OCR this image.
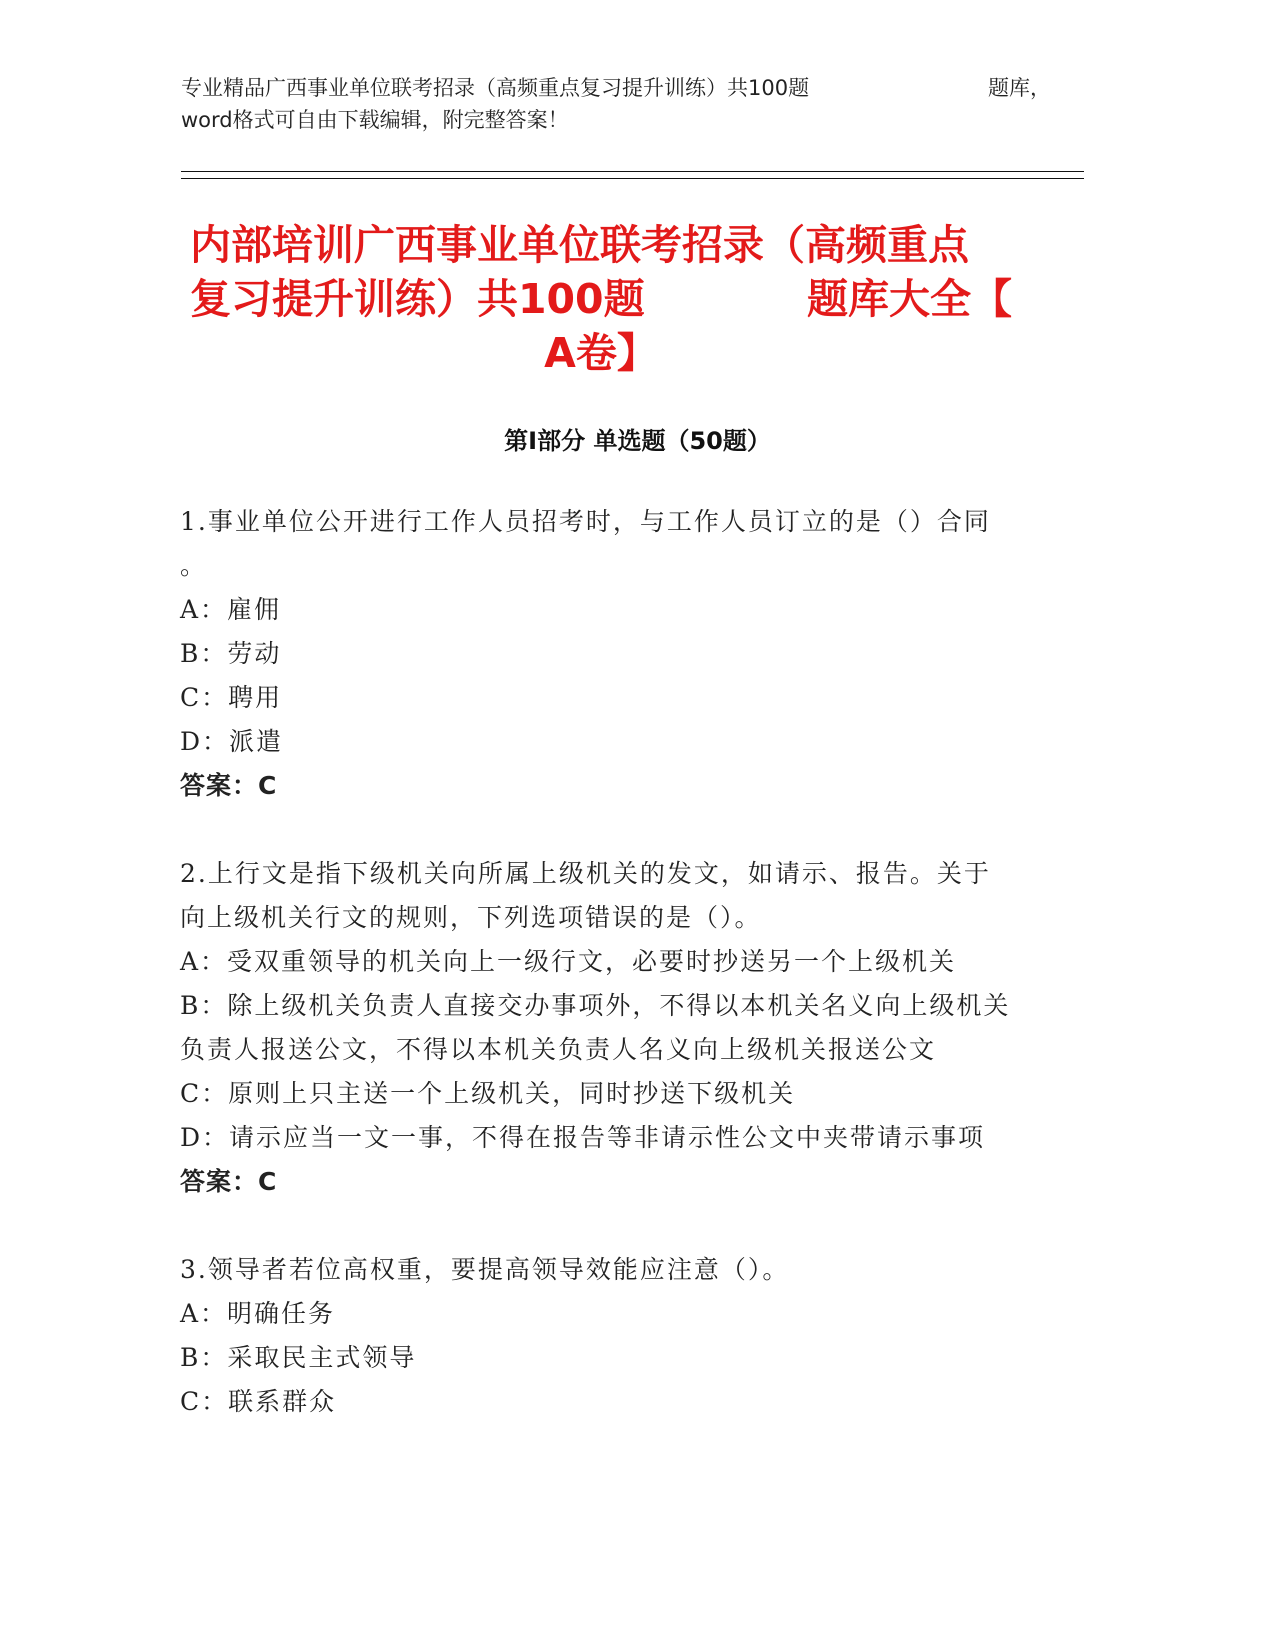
专业精品广西事业单位联考招录（高频重点复习提升训练）共100题	题库，
word格式可自由下载编辑，附完整答案！
内部培训广西事业单位联考招录（高频重点
复习提升训练）共100题	题库大全【
A卷】
第Ⅰ部分 单选题（50题）
1.事业单位公开进行工作人员招考时，与工作人员订立的是（）合同
。
A：雇佣
B：劳动
C：聘用
D：派遣
答案：C
2.上行文是指下级机关向所属上级机关的发文，如请示、报告。关于
向上级机关行文的规则，下列选项错误的是（）。
A：受双重领导的机关向上一级行文，必要时抄送另一个上级机关
B：除上级机关负责人直接交办事项外，不得以本机关名义向上级机关
负责人报送公文，不得以本机关负责人名义向上级机关报送公文
C：原则上只主送一个上级机关，同时抄送下级机关
D：请示应当一文一事，不得在报告等非请示性公文中夹带请示事项
答案：C
3.领导者若位高权重，要提高领导效能应注意（）。
A：明确任务
B：采取民主式领导
C：联系群众
